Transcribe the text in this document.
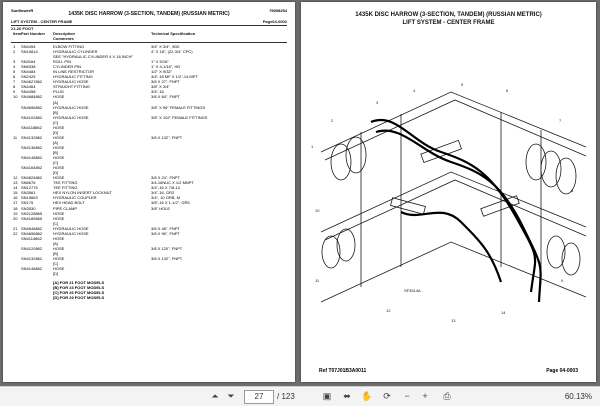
SunflowerR	79008254
1435K DISC HARROW (3-SECTION, TANDEM) (RUSSIAN METRIC)
LIFT SYSTEM - CENTER FRAME	Page04-0002
21-26 FOOT
Item Part Number Description
Comments
Technical Specification
1	SN4454	ELBOW FITTING	3/4" X 3/4", 90D
2	SN10814	HYDRAULIC CYLINDER	4" X 18", (22-3/4" CPC)
SEE "HYDRAULIC CYLINDER 4 X 18 INCH"
3	SN3164	ROLL PIN	1" X 5/16"
4	SN8338	CYLINDER PIN	1" X 4-1/16", HD
5	SN4484	IN LINE RESTRICTOR	1/2" X 9/32"
6	SN2425	HYDRAULIC FITTING	3/4"-16 MF X 1/2"-14 MPT
7	SN4627862	HYDRAULIC HOSE	3/8 X 27", FNPT
8	SN4464	STRAIGHT FITTING	3/8" X 3/4"
9	SN4458	PLUG	3/4"-16
10 SN4684862	HOSE	3/8 X 84", FNPT
[A]
SN4696862	HYDRAULIC HOSE	3/8" X 96" FEMALE FITTINGS
[B]
SN4102862	HYDRAULIC HOSE	3/8" X 102" FEMALE FITTINGS
[C]
SN4118862	HOSE
[D]
11 SN4132862	HOSE	3/8 X 132", FNPT
[A]
SN4136862	HOSE
[B]
SN4148862	HOSE
[C]
SN4164862	HOSE
[D]
12 SN4624862	HOSE	3/8 X 24", FNPT
13 SN6676	TEE FITTING	3/4-16NUC X 1/2 MNPT
14 SN12775	TEE FITTING	3/4"-16 X 7/8-14
15 SN3561	HEX NYLON INSERT LOCKNUT	3/4"-16, GR2
16 SN15663	HYDRAULIC COUPLER	3/4", 10 ORB, M
17 SN175	HEX HEAD BOLT	3/8"-16 X 1-1/2", GR5
18 SN3530	PIPE CLAMP	3/8" HOLE
19 SN2128865	HOSE
20 SN4189865	HOSE
[C]
21 SN4648862	HYDRAULIC HOSE	3/8 X 48", FNPT
22 SN4696862	HYDRAULIC HOSE	3/8 X 96", FNPT
SN4114862	HOSE
[A]
SN4120862	HOSE	3/8 X 120", FNPT
[B]
SN4132862	HOSE	3/8 X 132", FNPT
[C]
SN4148862	HOSE
[D]
[A] FOR 21 FOOT MODELS
[B] FOR 23 FOOT MODELS
[C] FOR 26 FOOT MODELS
[D] FOR 29 FOOT MODELS
1435K DISC HARROW (3-SECTION, TANDEM) (RUSSIAN METRIC)
LIFT SYSTEM - CENTER FRAME
1
2
3
4
5
6
7
8
9
10
11
12
13
14
SF3514A
Ref T07J01B3A0011	Page 04-0003
⏶ ⏷	27	/ 123	▣	⬌	✋	⟳	−	+	⎙	60.13%
